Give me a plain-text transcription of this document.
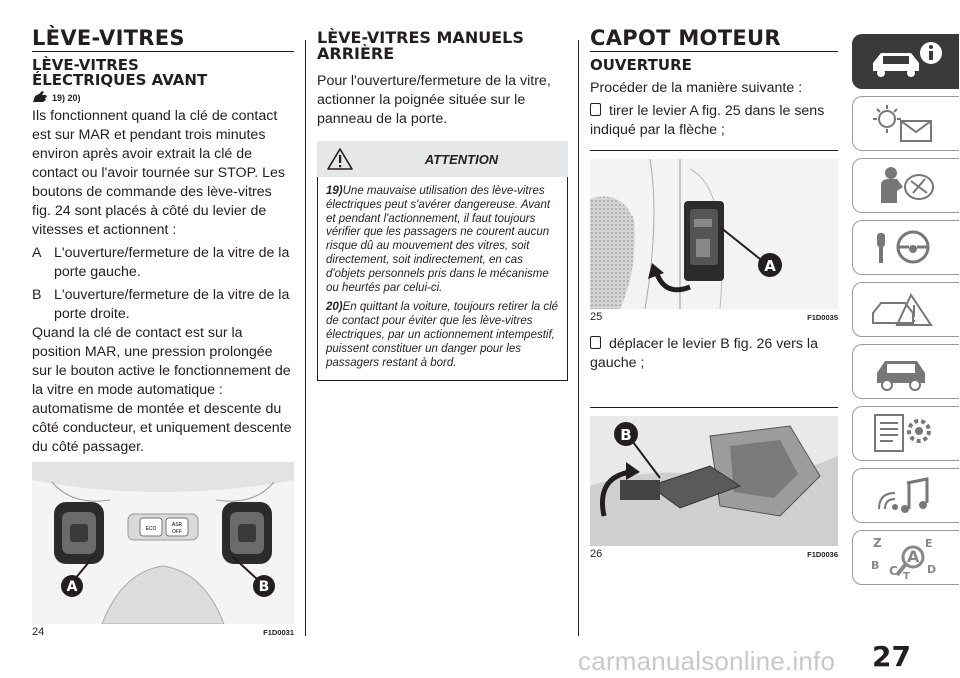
LÈVE-VITRES
LÈVE-VITRES
ÉLECTRIQUES AVANT
19) 20)

Ils fonctionnent quand la clé de contact est sur MAR et pendant trois minutes environ après avoir extrait la clé de contact ou l'avoir tournée sur STOP. Les boutons de commande des lève-vitres fig. 24 sont placés à côté du levier de vitesses et actionnent :

A L'ouverture/fermeture de la vitre de la porte gauche.
B L'ouverture/fermeture de la vitre de la porte droite.

Quand la clé de contact est sur la position MAR, une pression prolongée sur le bouton active le fonctionnement de la vitre en mode automatique : automatisme de montée et descente du côté conducteur, et uniquement descente du côté passager.

ECO
ASR
OFF
A	B
24	F1D0031
LÈVE-VITRES MANUELS
ARRIÈRE

Pour l'ouverture/fermeture de la vitre, actionner la poignée située sur le panneau de la porte.

ATTENTION
19)Une mauvaise utilisation des lève-vitres électriques peut s'avérer dangereuse. Avant et pendant l'actionnement, il faut toujours vérifier que les passagers ne courent aucun risque dû au mouvement des vitres, soit directement, soit indirectement, en cas d'objets personnels pris dans le mécanisme ou heurtés par celui-ci.
20)En quittant la voiture, toujours retirer la clé de contact pour éviter que les lève-vitres électriques, par un actionnement intempestif, puissent constituer un danger pour les passagers restant à bord.
CAPOT MOTEUR
OUVERTURE

Procéder de la manière suivante :

tirer le levier A fig. 25 dans le sens indiqué par la flèche ;

A
25	F1D0035

déplacer le levier B fig. 26 vers la gauche ;

B
26	F1D0036
Z	E
A
B C	D
T
27
carmanualsonline.info
